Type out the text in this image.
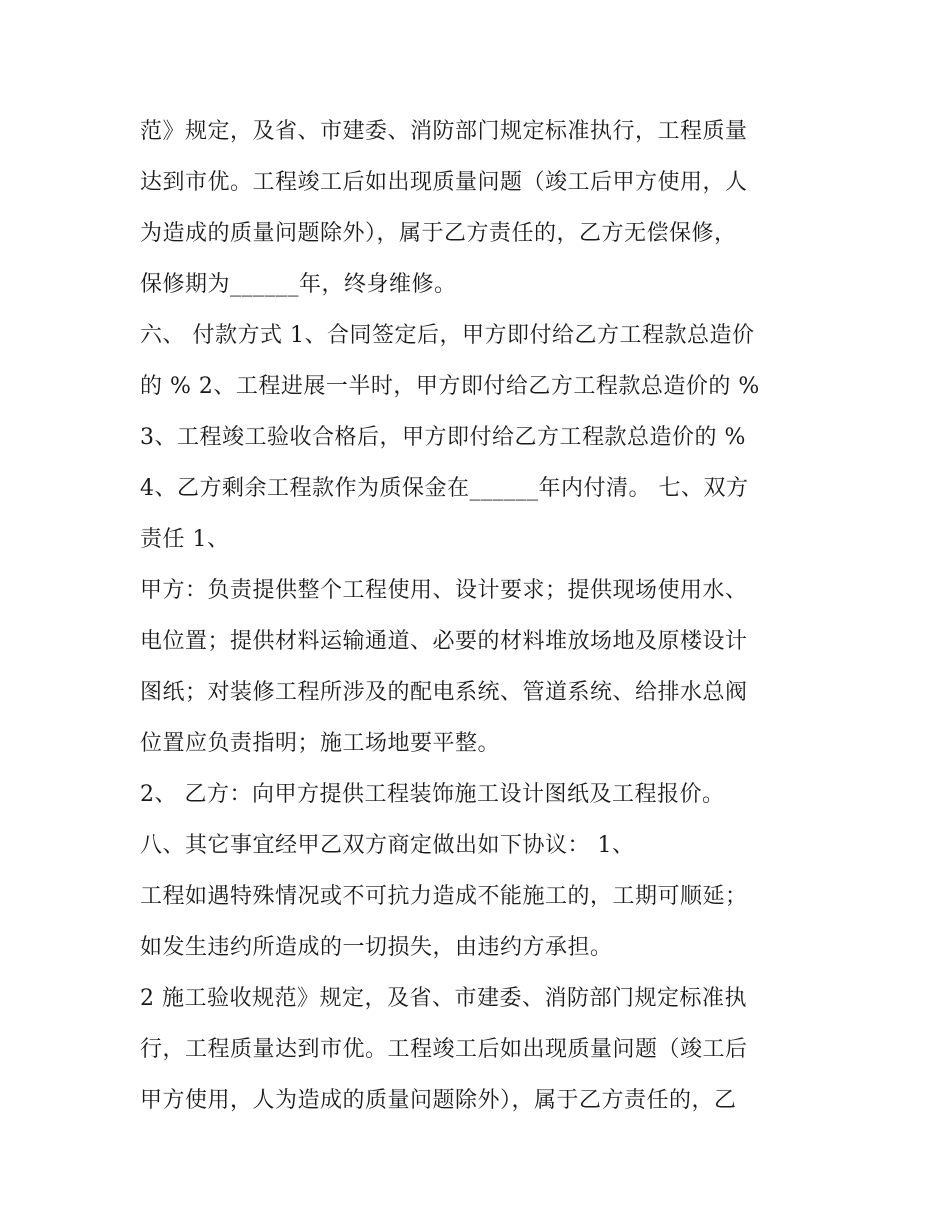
范》规定，及省、市建委、消防部门规定标准执行，工程质量
达到市优。工程竣工后如出现质量问题（竣工后甲方使用，人
为造成的质量问题除外），属于乙方责任的，乙方无偿保修，
保修期为______年，终身维修。
六、 付款方式 1、合同签定后，甲方即付给乙方工程款总造价
的 % 2、工程进展一半时，甲方即付给乙方工程款总造价的 %
3、工程竣工验收合格后，甲方即付给乙方工程款总造价的 %
4、乙方剩余工程款作为质保金在______年内付清。 七、双方
责任 1、
甲方：负责提供整个工程使用、设计要求；提供现场使用水、
电位置；提供材料运输通道、必要的材料堆放场地及原楼设计
图纸；对装修工程所涉及的配电系统、管道系统、给排水总阀
位置应负责指明；施工场地要平整。
2、 乙方：向甲方提供工程装饰施工设计图纸及工程报价。
八、其它事宜经甲乙双方商定做出如下协议： 1、
工程如遇特殊情况或不可抗力造成不能施工的，工期可顺延；
如发生违约所造成的一切损失，由违约方承担。
2 施工验收规范》规定，及省、市建委、消防部门规定标准执
行，工程质量达到市优。工程竣工后如出现质量问题（竣工后
甲方使用，人为造成的质量问题除外），属于乙方责任的，乙
